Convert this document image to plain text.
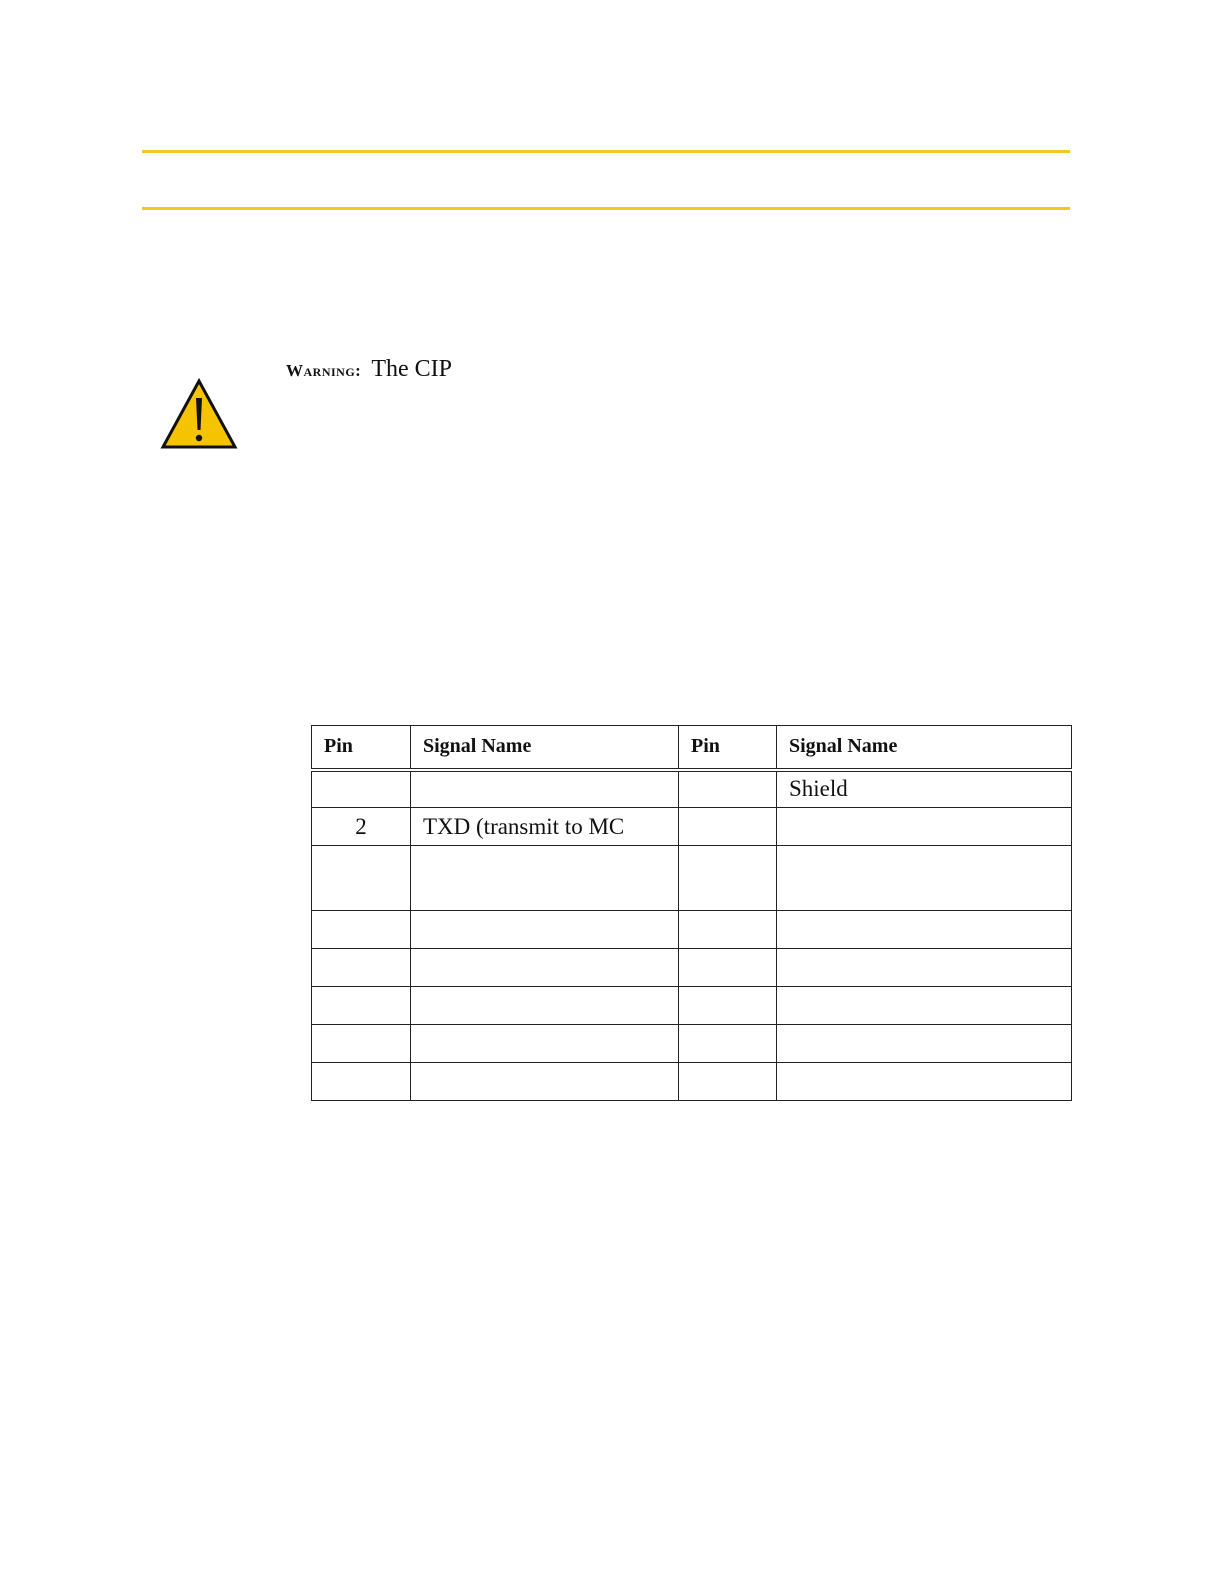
Warning: The CIP
Pin	Signal Name	Pin	Signal Name
			Shield
2	TXD (transmit to MC		
